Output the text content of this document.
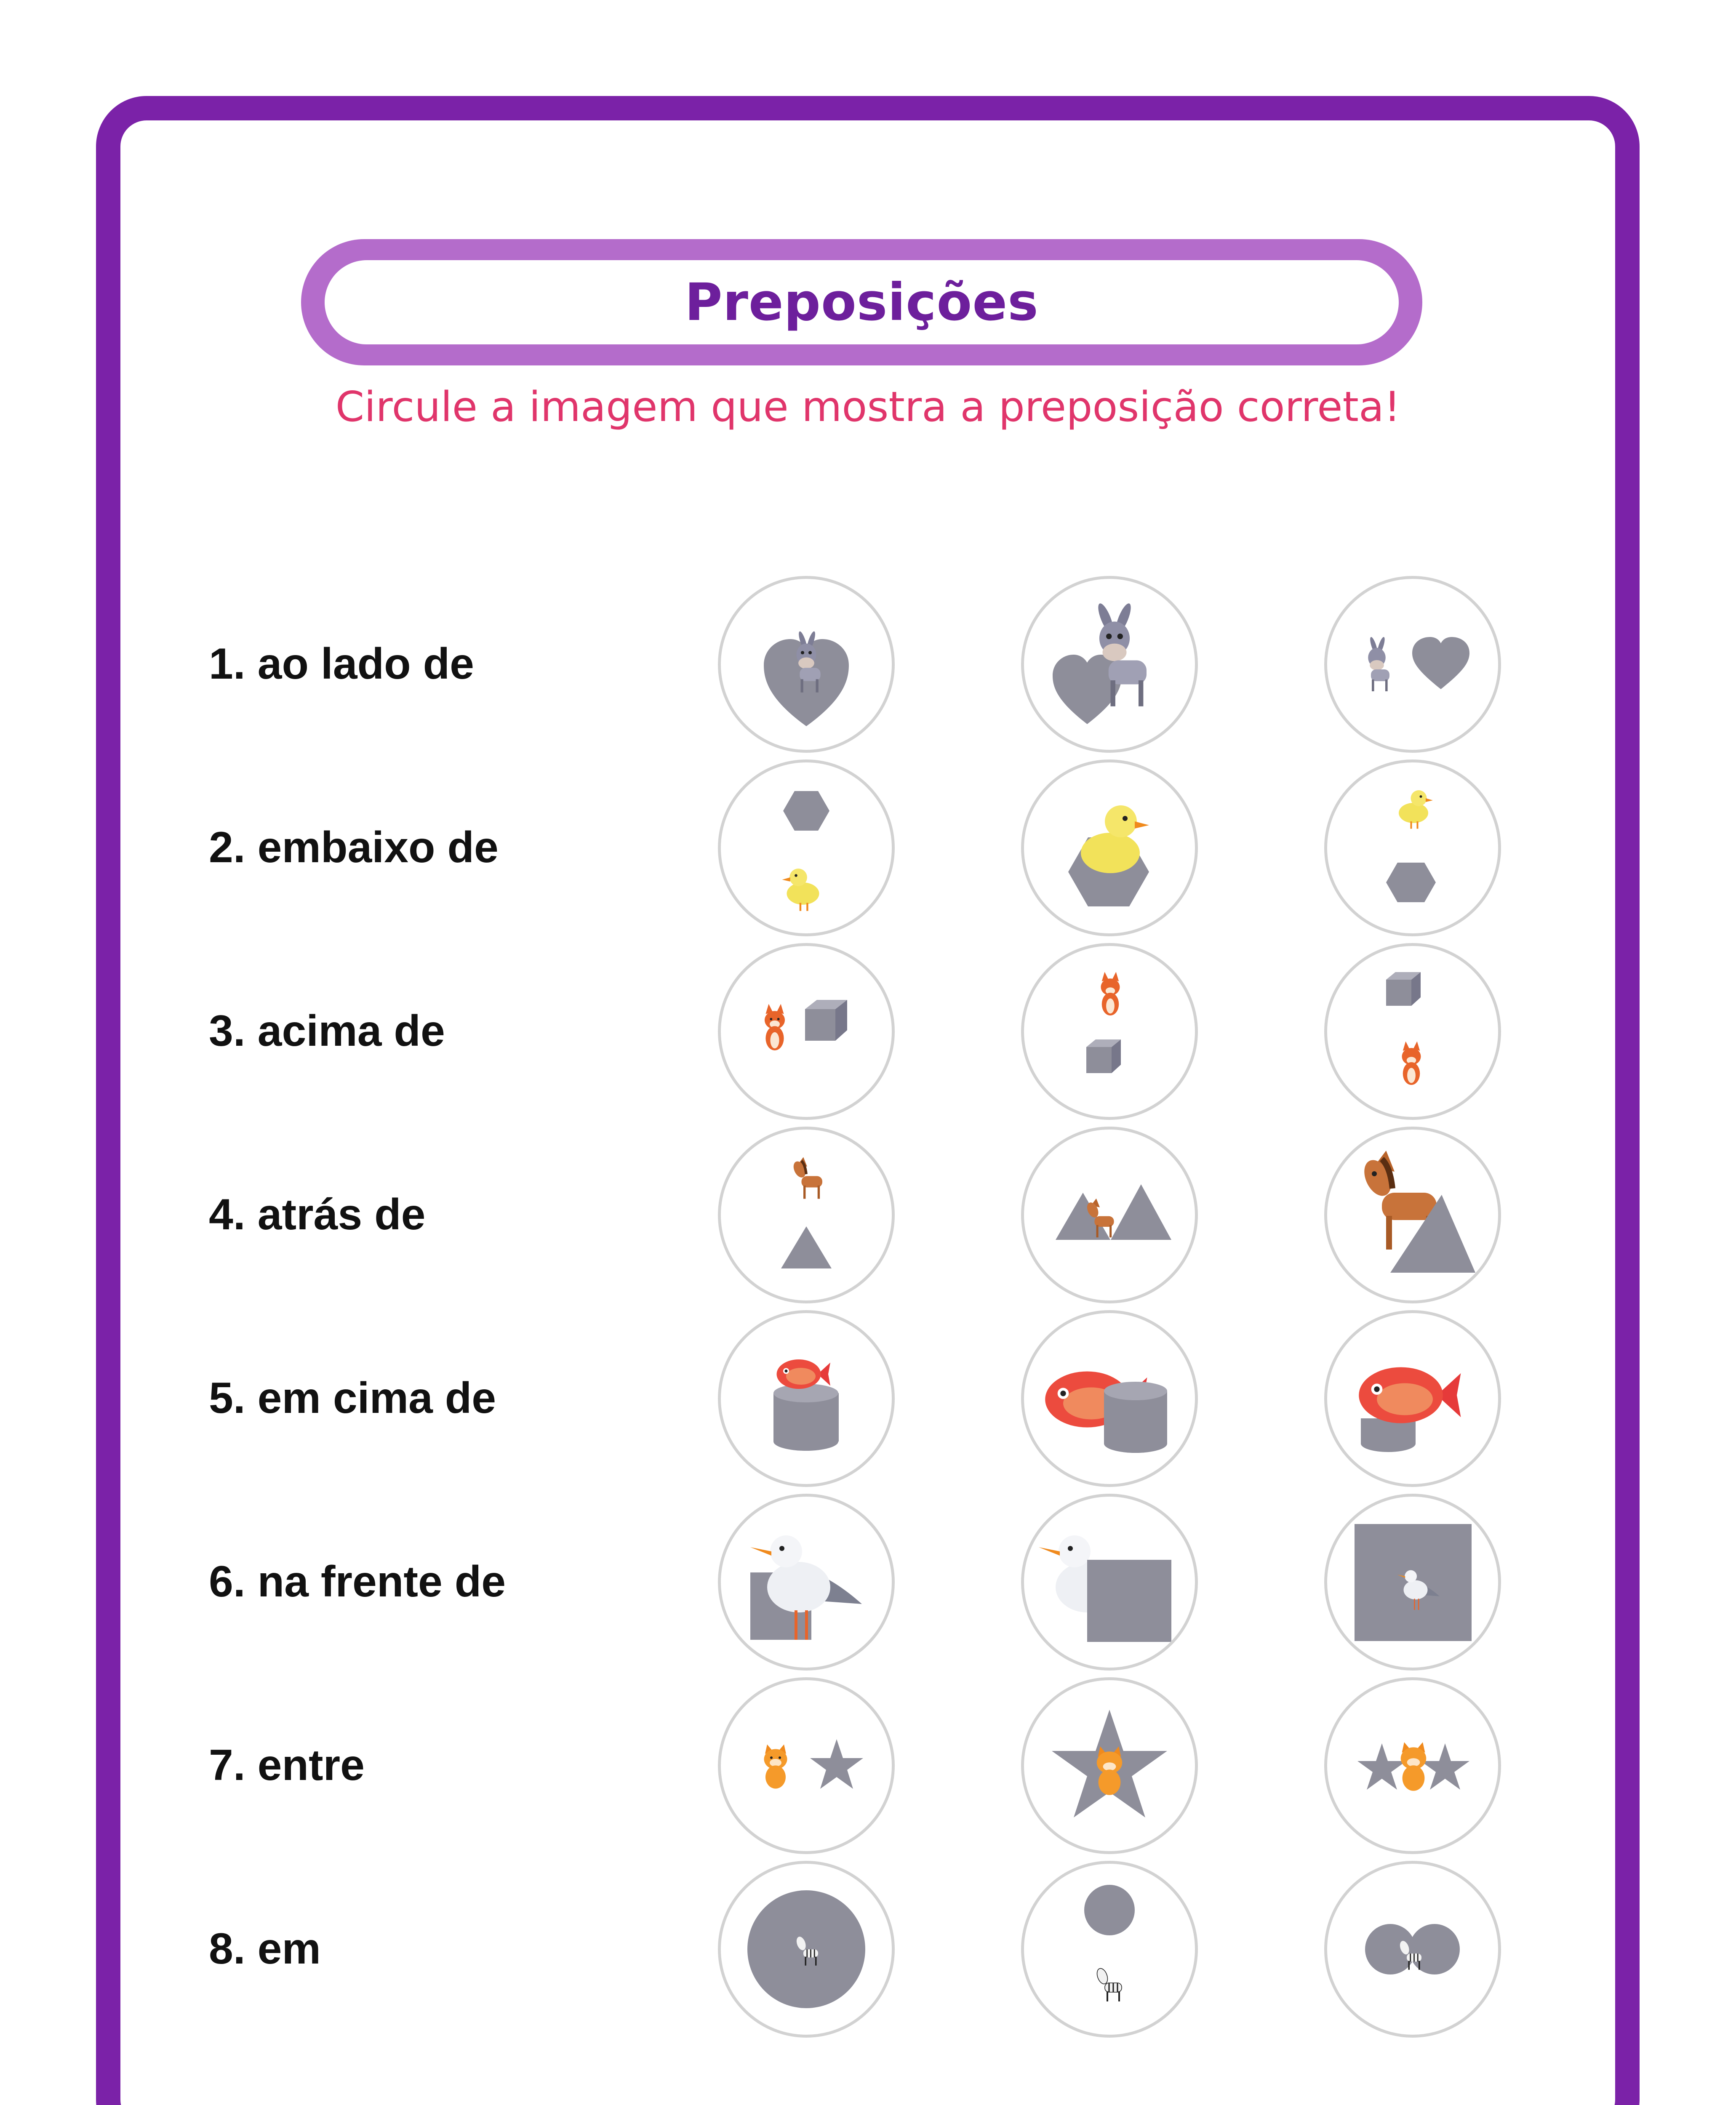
Preposições
Circule a imagem que mostra a preposição correta!
1. ao lado de
2. embaixo de
3. acima de
4. atrás de
5. em cima de
6. na frente de
7. entre
8. em
